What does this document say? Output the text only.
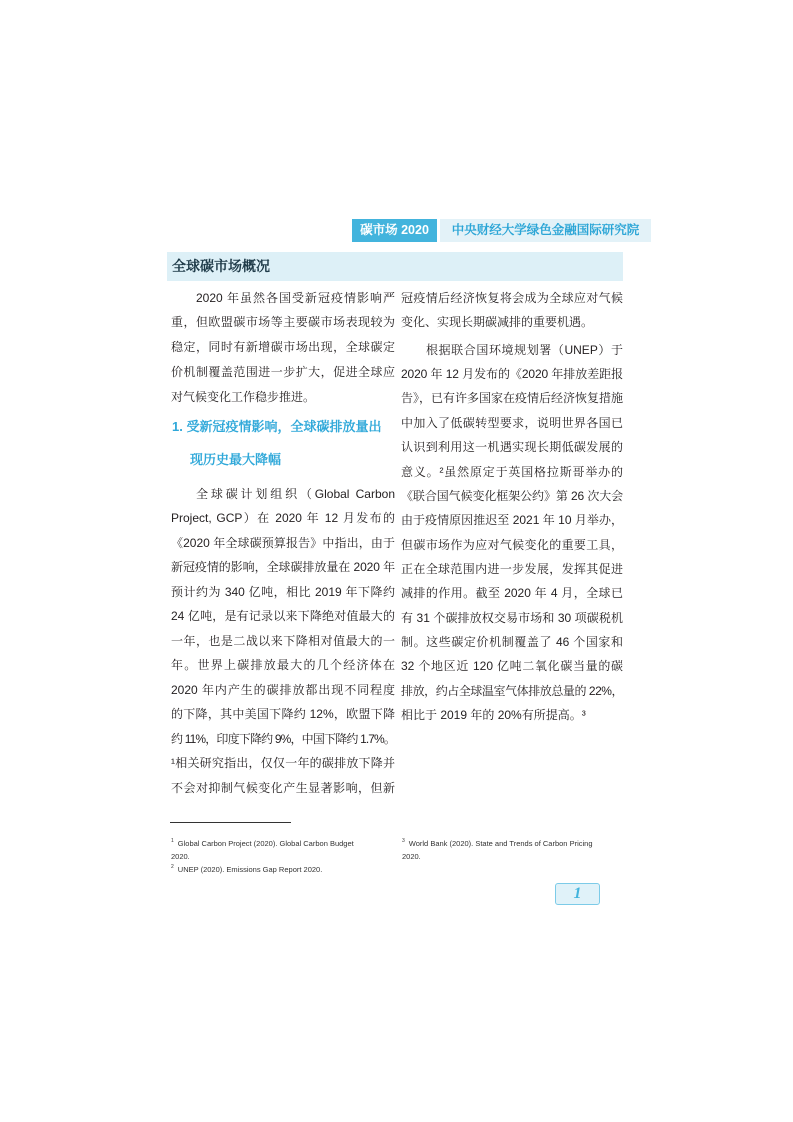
碳市场 2020	中央财经大学绿色金融国际研究院
全球碳市场概况
2020 年虽然各国受新冠疫情影响严
重，但欧盟碳市场等主要碳市场表现较为
稳定，同时有新增碳市场出现，全球碳定
价机制覆盖范围进一步扩大，促进全球应
对气候变化工作稳步推进。
1. 受新冠疫情影响，全球碳排放量出
现历史最大降幅
全球碳计划组织（Global Carbon
Project, GCP）在 2020 年 12 月发布的
《2020 年全球碳预算报告》中指出，由于
新冠疫情的影响，全球碳排放量在 2020 年
预计约为 340 亿吨，相比 2019 年下降约
24 亿吨，是有记录以来下降绝对值最大的
一年，也是二战以来下降相对值最大的一
年。世界上碳排放最大的几个经济体在
2020 年内产生的碳排放都出现不同程度
的下降，其中美国下降约 12%，欧盟下降
约 11%，印度下降约 9%，中国下降约 1.7%。
¹相关研究指出，仅仅一年的碳排放下降并
不会对抑制气候变化产生显著影响，但新
冠疫情后经济恢复将会成为全球应对气候
变化、实现长期碳减排的重要机遇。
根据联合国环境规划署（UNEP）于
2020 年 12 月发布的《2020 年排放差距报
告》，已有许多国家在疫情后经济恢复措施
中加入了低碳转型要求，说明世界各国已
认识到利用这一机遇实现长期低碳发展的
意义。²虽然原定于英国格拉斯哥举办的
《联合国气候变化框架公约》第 26 次大会
由于疫情原因推迟至 2021 年 10 月举办，
但碳市场作为应对气候变化的重要工具，
正在全球范围内进一步发展，发挥其促进
减排的作用。截至 2020 年 4 月，全球已
有 31 个碳排放权交易市场和 30 项碳税机
制。这些碳定价机制覆盖了 46 个国家和
32 个地区近 120 亿吨二氧化碳当量的碳
排放，约占全球温室气体排放总量的 22%，
相比于 2019 年的 20%有所提高。³
$^1$ Global Carbon Project (2020). Global Carbon Budget
2020.
$^2$ UNEP (2020). Emissions Gap Report 2020.
$^3$ World Bank (2020). State and Trends of Carbon Pricing
2020.
1
